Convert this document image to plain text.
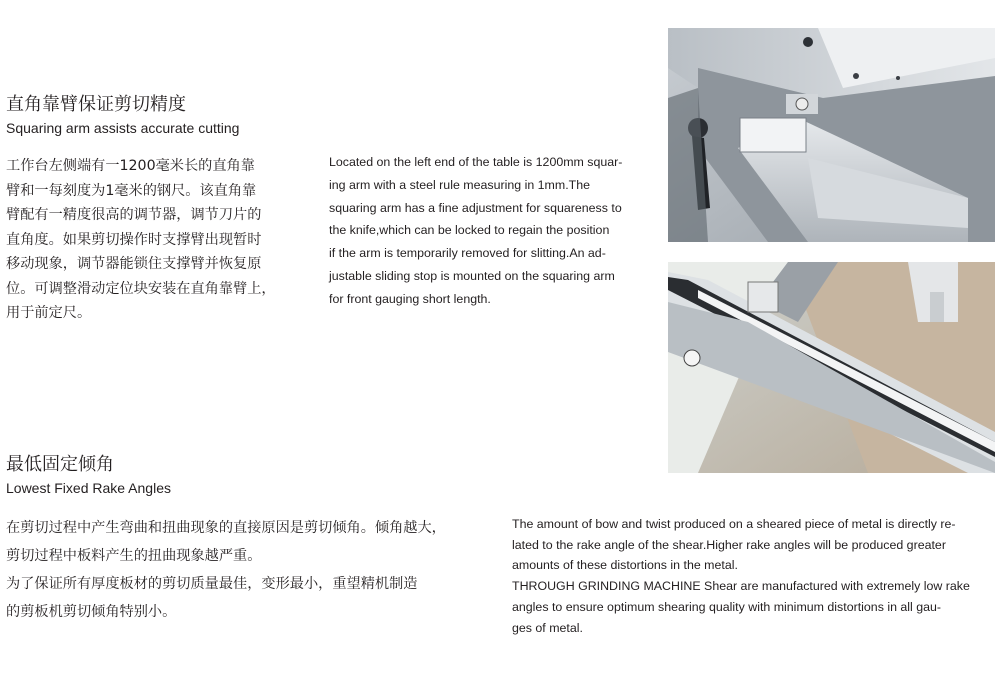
直角靠臂保证剪切精度
Squaring arm assists accurate cutting
工作台左侧端有一1200毫米长的直角靠
臂和一每刻度为1毫米的钢尺。该直角靠
臂配有一精度很高的调节器，调节刀片的
直角度。如果剪切操作时支撑臂出现暂时
移动现象，调节器能锁住支撑臂并恢复原
位。可调整滑动定位块安装在直角靠臂上，
用于前定尺。
Located on the left end of the table is 1200mm squar-
ing arm with a steel rule measuring in 1mm.The
squaring arm has a fine adjustment for squareness to
the knife,which can be locked to regain the position
if the arm is temporarily removed for slitting.An ad-
justable sliding stop is mounted on the squaring arm
for front gauging short length.
最低固定倾角
Lowest Fixed Rake Angles
在剪切过程中产生弯曲和扭曲现象的直接原因是剪切倾角。倾角越大，
剪切过程中板料产生的扭曲现象越严重。
为了保证所有厚度板材的剪切质量最佳，变形最小，重望精机制造
的剪板机剪切倾角特别小。
The amount of bow and twist produced on a sheared piece of metal is directly re-
lated to the rake angle of the shear.Higher rake angles will be produced greater
amounts of these distortions in the metal.
THROUGH GRINDING MACHINE Shear are manufactured with extremely low rake
angles to ensure optimum shearing quality with minimum distortions in all gau-
ges of metal.
